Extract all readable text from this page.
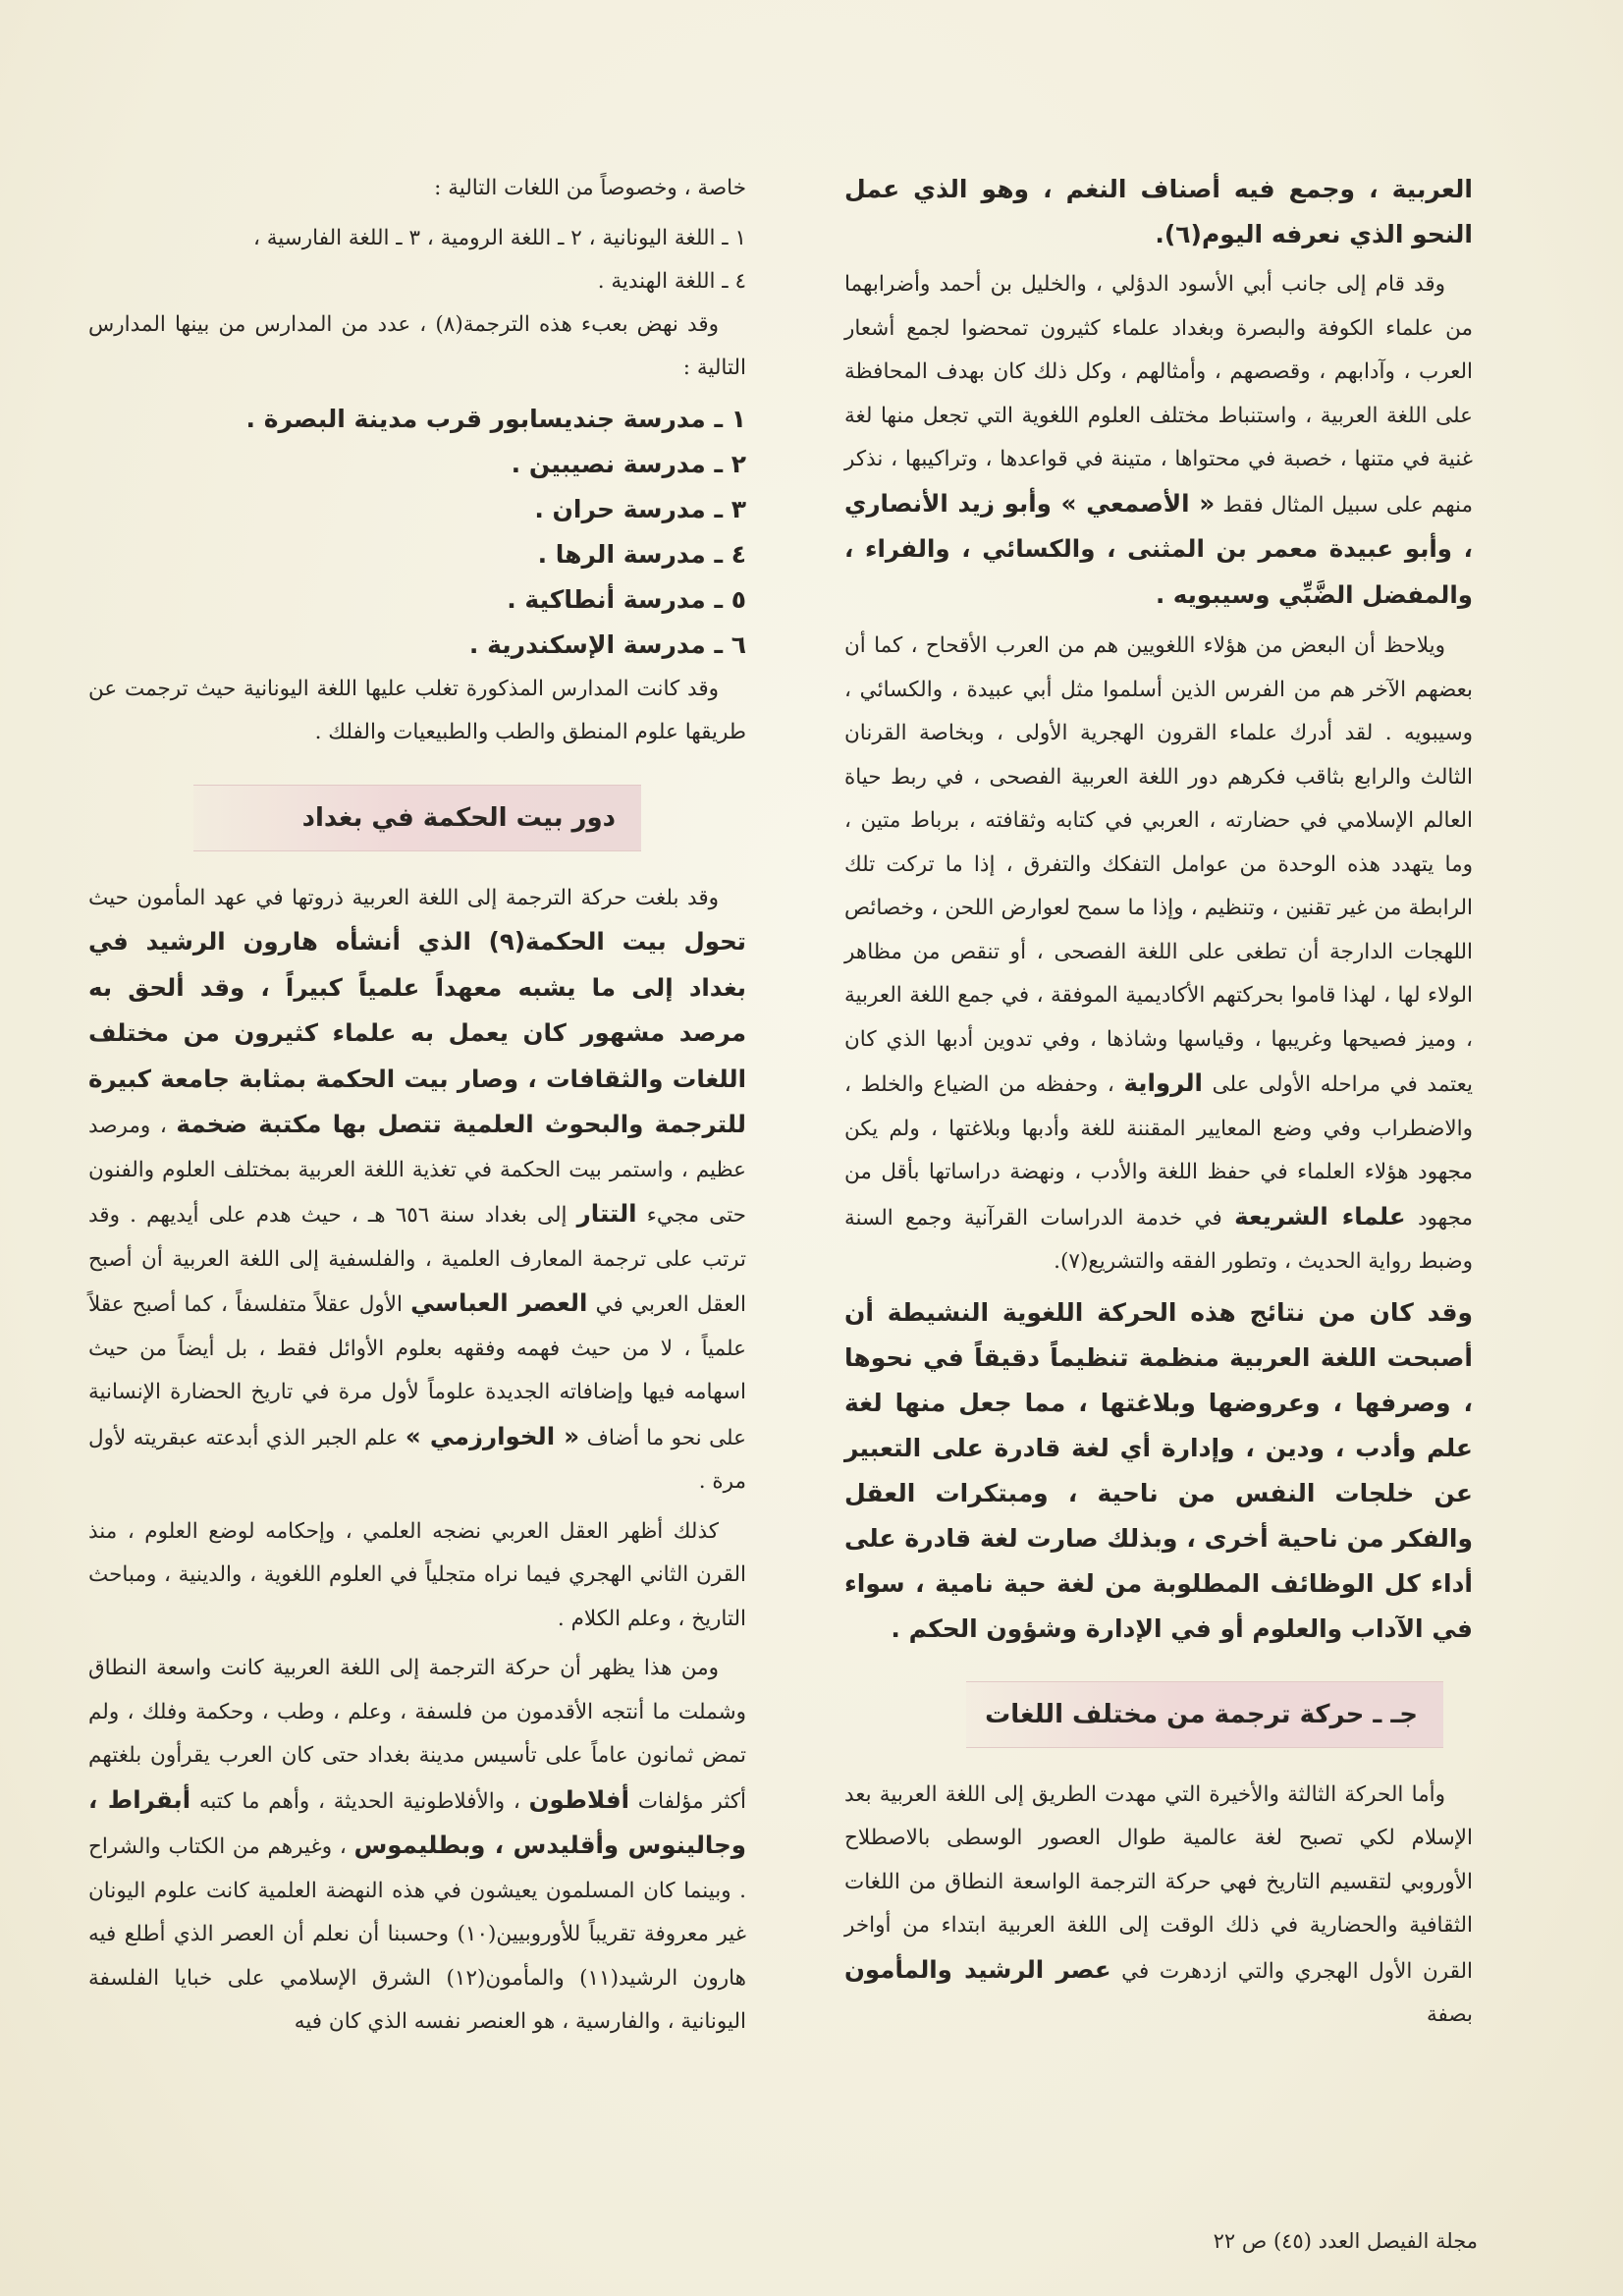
العربية ، وجمع فيه أصناف النغم ، وهو الذي عمل النحو الذي نعرفه اليوم(٦).

وقد قام إلى جانب أبي الأسود الدؤلي ، والخليل بن أحمد وأضرابهما من علماء الكوفة والبصرة وبغداد علماء كثيرون تمحضوا لجمع أشعار العرب ، وآدابهم ، وقصصهم ، وأمثالهم ، وكل ذلك كان بهدف المحافظة على اللغة العربية ، واستنباط مختلف العلوم اللغوية التي تجعل منها لغة غنية في متنها ، خصبة في محتواها ، متينة في قواعدها ، وتراكيبها ، نذكر منهم على سبيل المثال فقط « الأصمعي » وأبو زيد الأنصاري ، وأبو عبيدة معمر بن المثنى ، والكسائي ، والفراء ، والمفضل الضَّبِّي وسيبويه .

ويلاحظ أن البعض من هؤلاء اللغويين هم من العرب الأقحاح ، كما أن بعضهم الآخر هم من الفرس الذين أسلموا مثل أبي عبيدة ، والكسائي ، وسيبويه . لقد أدرك علماء القرون الهجرية الأولى ، وبخاصة القرنان الثالث والرابع بثاقب فكرهم دور اللغة العربية الفصحى ، في ربط حياة العالم الإسلامي في حضارته ، العربي في كتابه وثقافته ، برباط متين ، وما يتهدد هذه الوحدة من عوامل التفكك والتفرق ، إذا ما تركت تلك الرابطة من غير تقنين ، وتنظيم ، وإذا ما سمح لعوارض اللحن ، وخصائص اللهجات الدارجة أن تطغى على اللغة الفصحى ، أو تنقص من مظاهر الولاء لها ، لهذا قاموا بحركتهم الأكاديمية الموفقة ، في جمع اللغة العربية ، وميز فصيحها وغريبها ، وقياسها وشاذها ، وفي تدوين أدبها الذي كان يعتمد في مراحله الأولى على الرواية ، وحفظه من الضياع والخلط ، والاضطراب وفي وضع المعايير المقننة للغة وأدبها وبلاغتها ، ولم يكن مجهود هؤلاء العلماء في حفظ اللغة والأدب ، ونهضة دراساتها بأقل من مجهود علماء الشريعة في خدمة الدراسات القرآنية وجمع السنة وضبط رواية الحديث ، وتطور الفقه والتشريع(٧).

وقد كان من نتائج هذه الحركة اللغوية النشيطة أن أصبحت اللغة العربية منظمة تنظيماً دقيقاً في نحوها ، وصرفها ، وعروضها وبلاغتها ، مما جعل منها لغة علم وأدب ، ودين ، وإدارة أي لغة قادرة على التعبير عن خلجات النفس من ناحية ، ومبتكرات العقل والفكر من ناحية أخرى ، وبذلك صارت لغة قادرة على أداء كل الوظائف المطلوبة من لغة حية نامية ، سواء في الآداب والعلوم أو في الإدارة وشؤون الحكم .

جـ ـ حركة ترجمة من مختلف اللغات

وأما الحركة الثالثة والأخيرة التي مهدت الطريق إلى اللغة العربية بعد الإسلام لكي تصبح لغة عالمية طوال العصور الوسطى بالاصطلاح الأوروبي لتقسيم التاريخ فهي حركة الترجمة الواسعة النطاق من اللغات الثقافية والحضارية في ذلك الوقت إلى اللغة العربية ابتداء من أواخر القرن الأول الهجري والتي ازدهرت في عصر الرشيد والمأمون بصفة

خاصة ، وخصوصاً من اللغات التالية :

١ ـ اللغة اليونانية ، ٢ ـ اللغة الرومية ، ٣ ـ اللغة الفارسية ،
٤ ـ اللغة الهندية .

وقد نهض بعبء هذه الترجمة(٨) ، عدد من المدارس من بينها المدارس التالية :

١ ـ مدرسة جنديسابور قرب مدينة البصرة .
٢ ـ مدرسة نصيبين .
٣ ـ مدرسة حران .
٤ ـ مدرسة الرها .
٥ ـ مدرسة أنطاكية .
٦ ـ مدرسة الإسكندرية .

وقد كانت المدارس المذكورة تغلب عليها اللغة اليونانية حيث ترجمت عن طريقها علوم المنطق والطب والطبيعيات والفلك .

دور بيت الحكمة في بغداد

وقد بلغت حركة الترجمة إلى اللغة العربية ذروتها في عهد المأمون حيث تحول بيت الحكمة(٩) الذي أنشأه هارون الرشيد في بغداد إلى ما يشبه معهداً علمياً كبيراً ، وقد ألحق به مرصد مشهور كان يعمل به علماء كثيرون من مختلف اللغات والثقافات ، وصار بيت الحكمة بمثابة جامعة كبيرة للترجمة والبحوث العلمية تتصل بها مكتبة ضخمة ، ومرصد عظيم ، واستمر بيت الحكمة في تغذية اللغة العربية بمختلف العلوم والفنون حتى مجيء التتار إلى بغداد سنة ٦٥٦ هـ ، حيث هدم على أيديهم . وقد ترتب على ترجمة المعارف العلمية ، والفلسفية إلى اللغة العربية أن أصبح العقل العربي في العصر العباسي الأول عقلاً متفلسفاً ، كما أصبح عقلاً علمياً ، لا من حيث فهمه وفقهه بعلوم الأوائل فقط ، بل أيضاً من حيث اسهامه فيها وإضافاته الجديدة علوماً لأول مرة في تاريخ الحضارة الإنسانية على نحو ما أضاف « الخوارزمي » علم الجبر الذي أبدعته عبقريته لأول مرة .

كذلك أظهر العقل العربي نضجه العلمي ، وإحكامه لوضع العلوم ، منذ القرن الثاني الهجري فيما نراه متجلياً في العلوم اللغوية ، والدينية ، ومباحث التاريخ ، وعلم الكلام .

ومن هذا يظهر أن حركة الترجمة إلى اللغة العربية كانت واسعة النطاق وشملت ما أنتجه الأقدمون من فلسفة ، وعلم ، وطب ، وحكمة وفلك ، ولم تمض ثمانون عاماً على تأسيس مدينة بغداد حتى كان العرب يقرأون بلغتهم أكثر مؤلفات أفلاطون ، والأفلاطونية الحديثة ، وأهم ما كتبه أبقراط ، وجالينوس وأقليدس ، وبطليموس ، وغيرهم من الكتاب والشراح . وبينما كان المسلمون يعيشون في هذه النهضة العلمية كانت علوم اليونان غير معروفة تقريباً للأوروبيين(١٠) وحسبنا أن نعلم أن العصر الذي أطلع فيه هارون الرشيد(١١) والمأمون(١٢) الشرق الإسلامي على خبايا الفلسفة اليونانية ، والفارسية ، هو العنصر نفسه الذي كان فيه

مجلة الفيصل العدد (٤٥) ص ٢٢
